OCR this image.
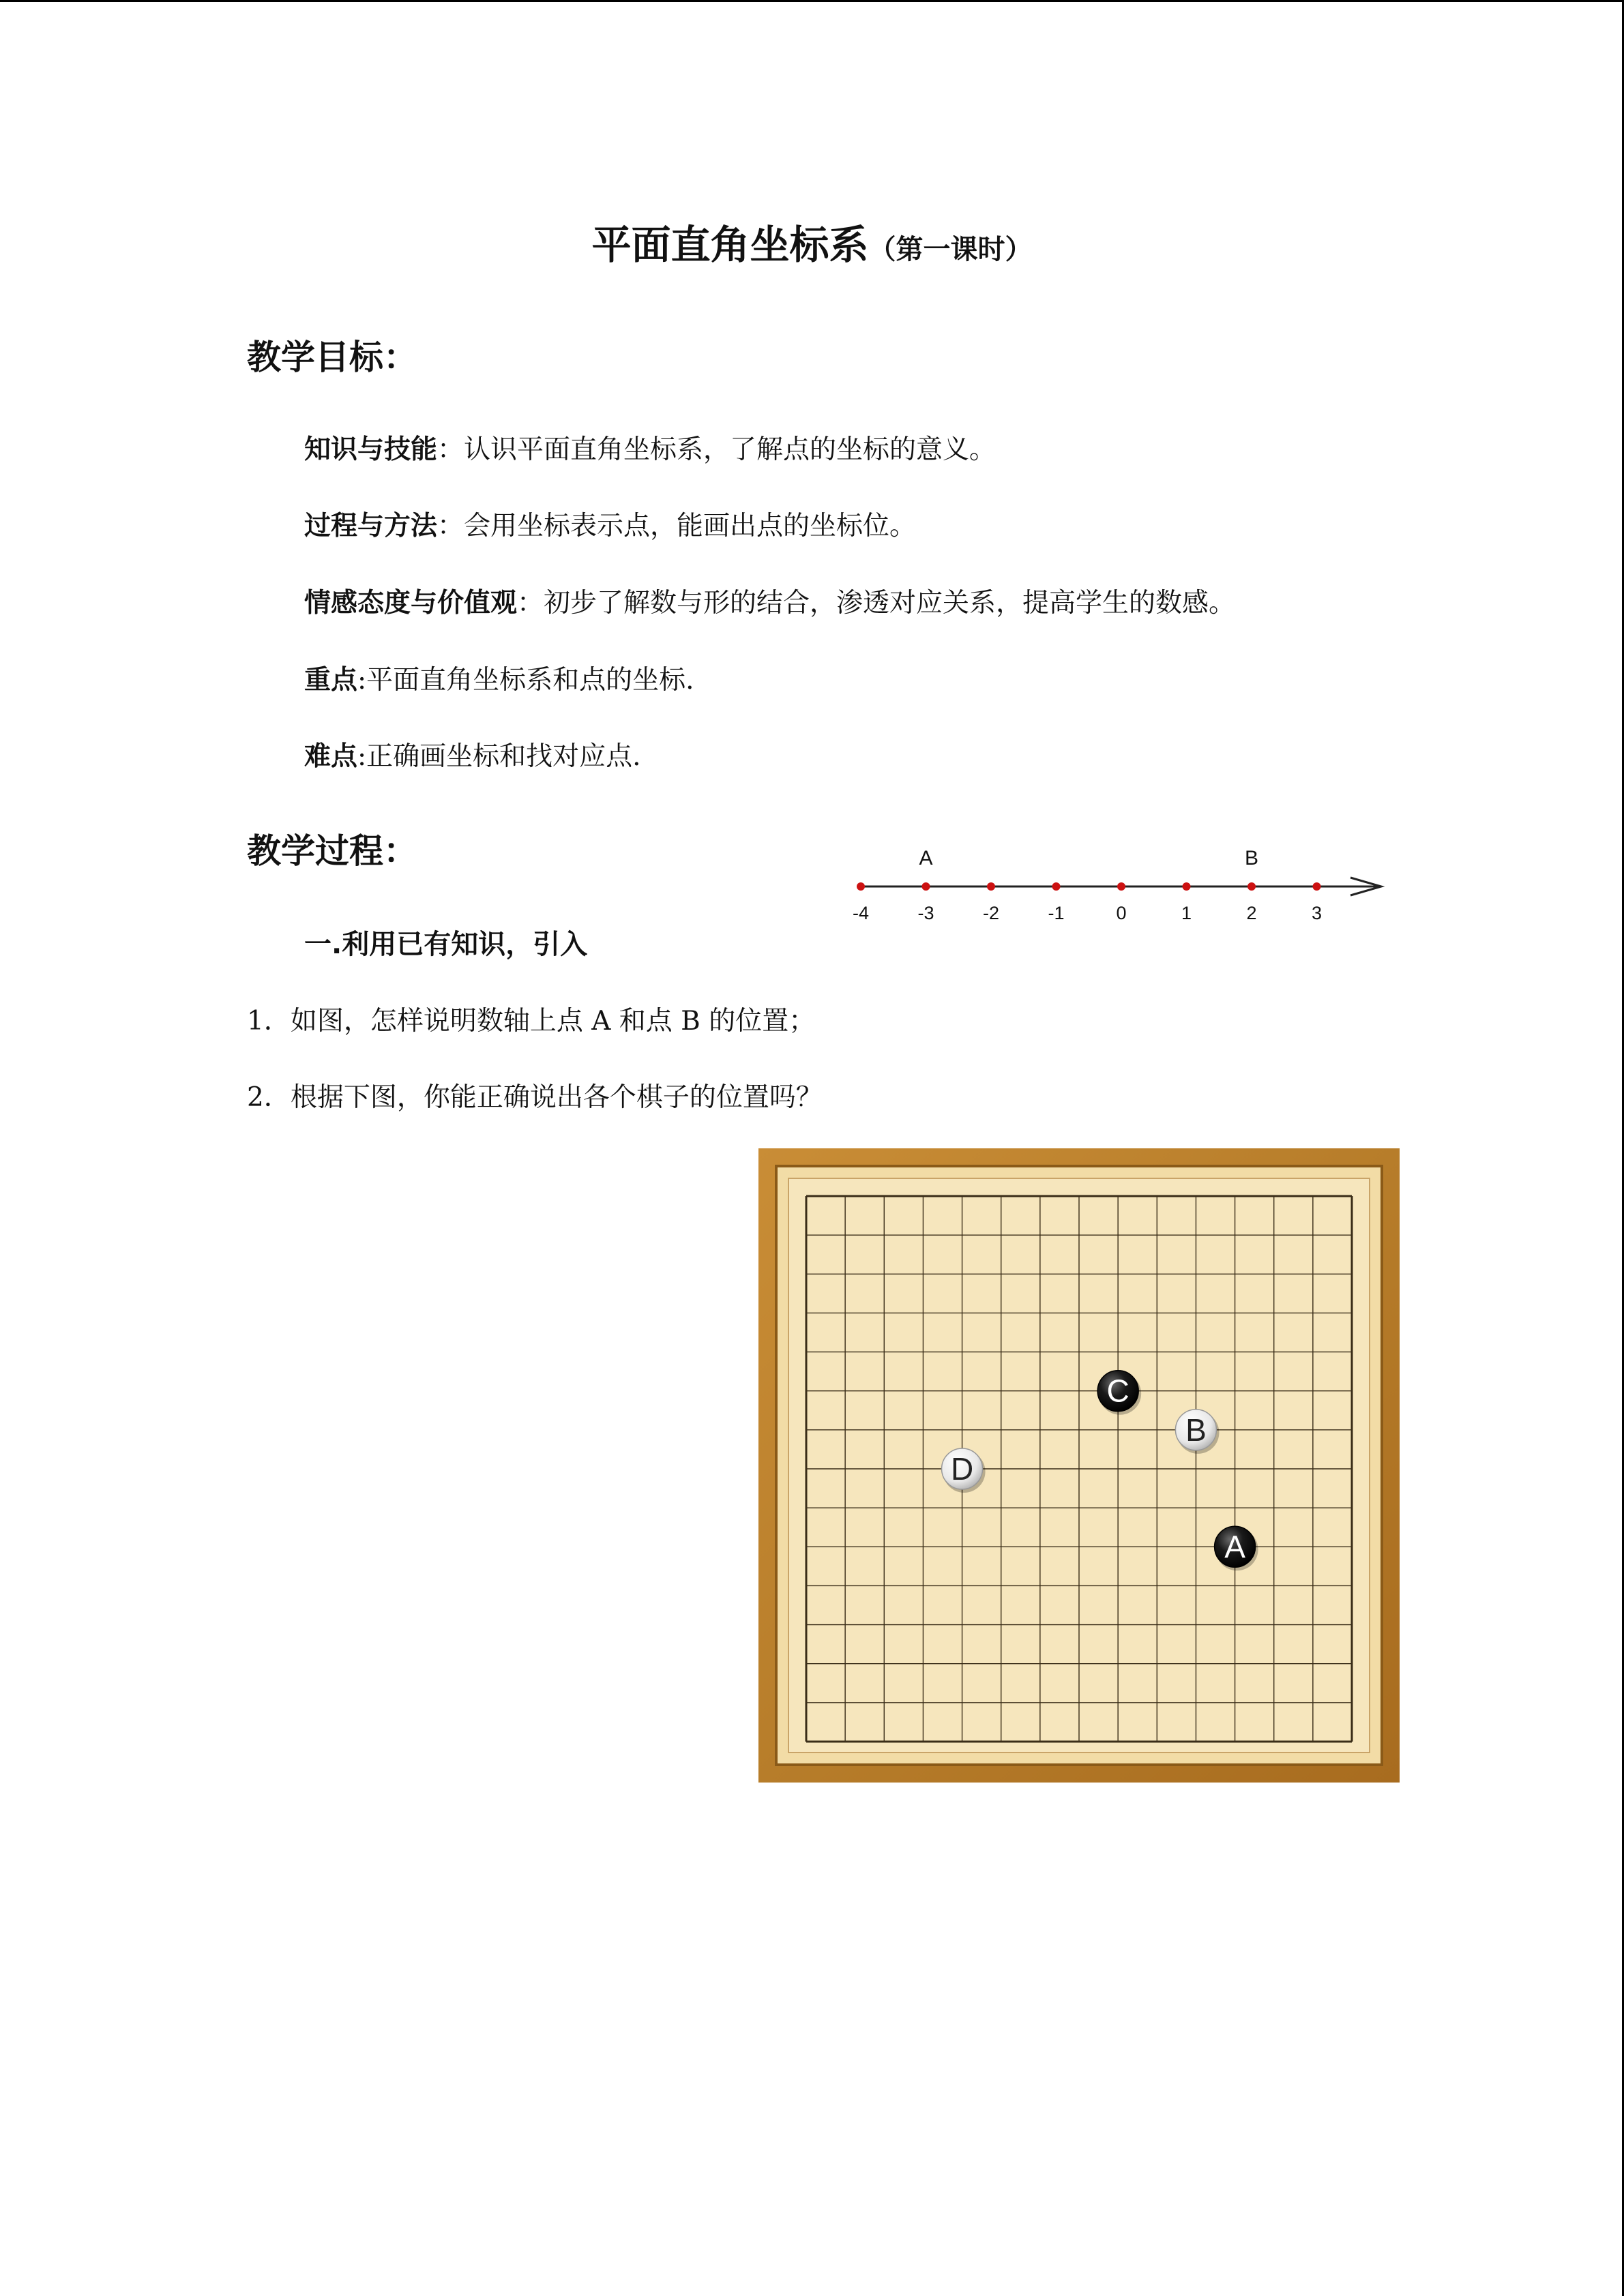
平面直角坐标系（第一课时）
教学目标：
知识与技能：认识平面直角坐标系，了解点的坐标的意义。
过程与方法：会用坐标表示点，能画出点的坐标位。
情感态度与价值观：初步了解数与形的结合，渗透对应关系，提高学生的数感。
重点:平面直角坐标系和点的坐标.
难点:正确画坐标和找对应点.
教学过程：
一.利用已有知识，引入
1．如图，怎样说明数轴上点 A 和点 B 的位置；
2．根据下图，你能正确说出各个棋子的位置吗？
-4	-3	-2	-1	0	1	2	3
A	B
C
B
D
A
